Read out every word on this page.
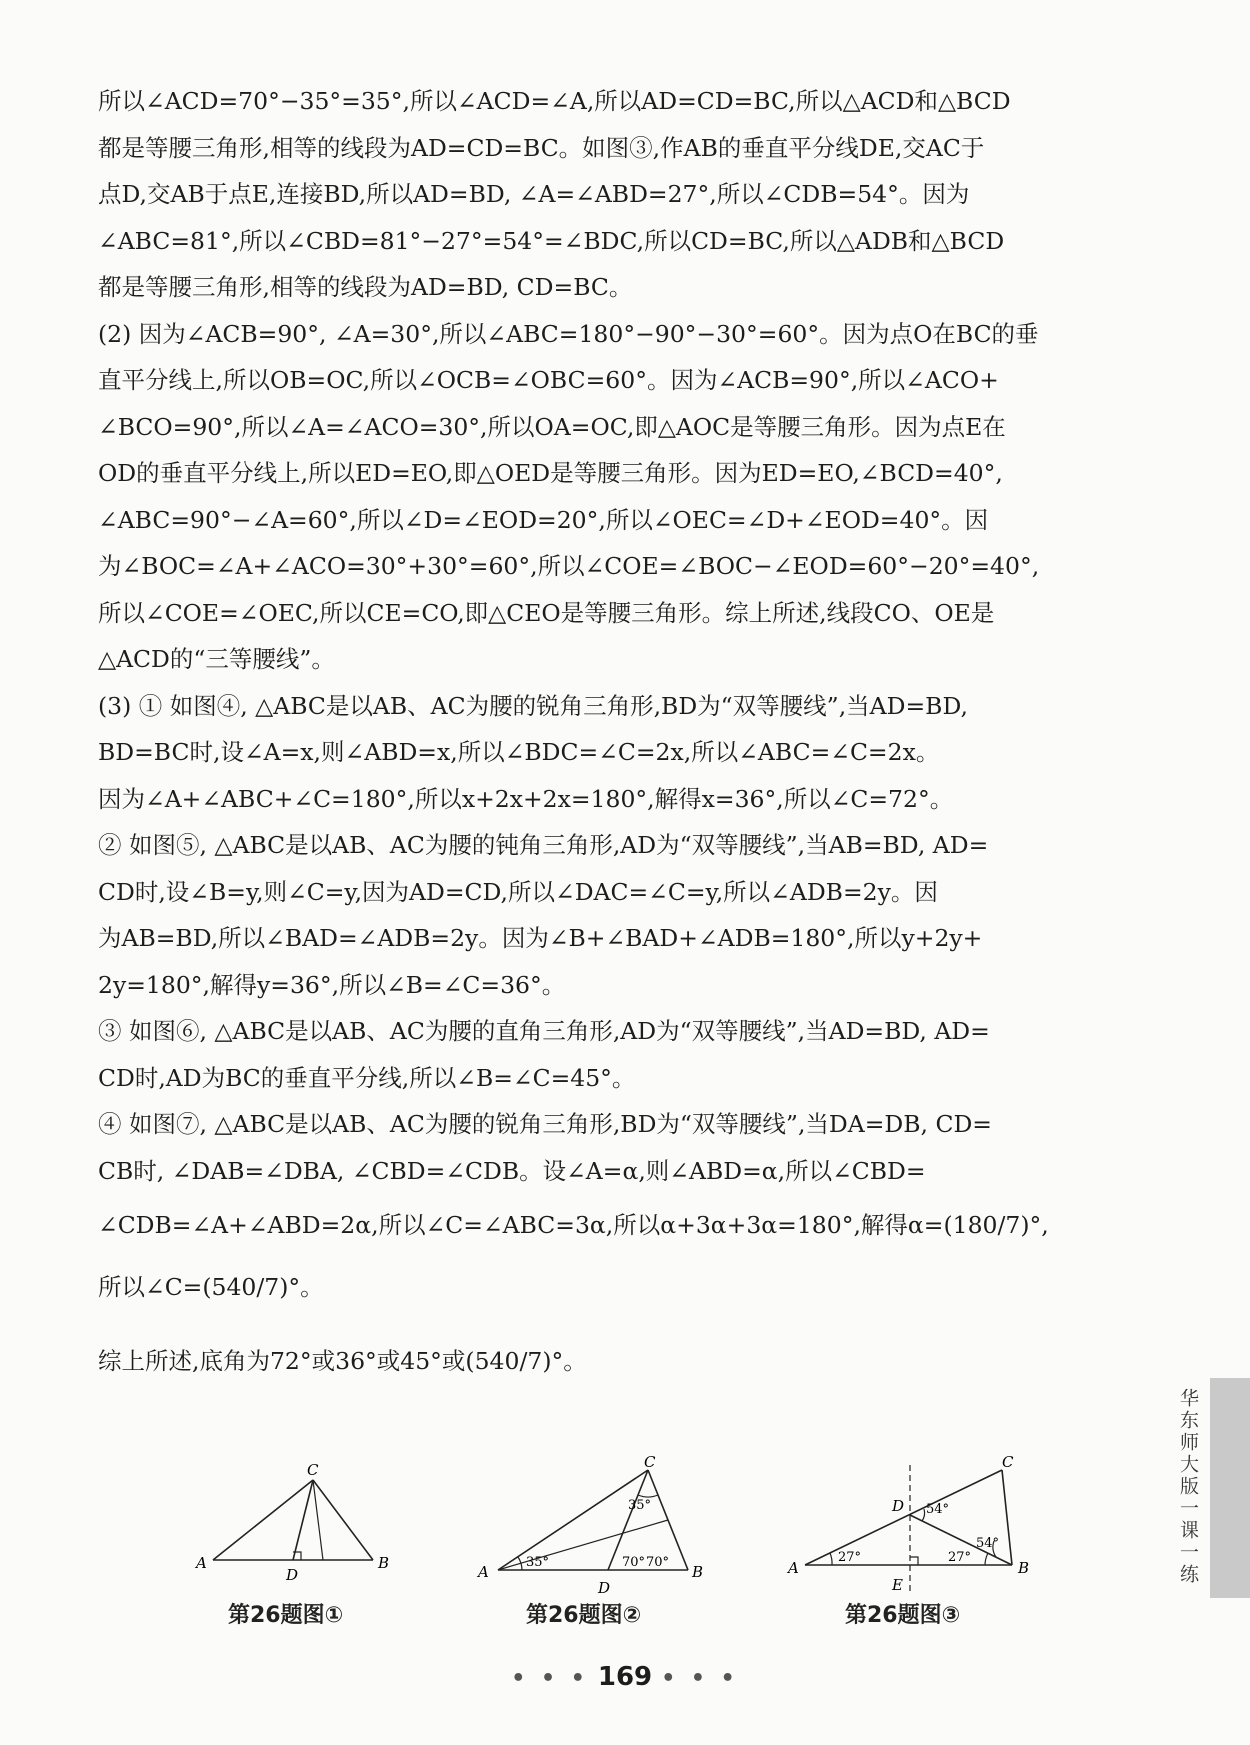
所以∠ACD=70°−35°=35°,所以∠ACD=∠A,所以AD=CD=BC,所以△ACD和△BCD
都是等腰三角形,相等的线段为AD=CD=BC。如图③,作AB的垂直平分线DE,交AC于
点D,交AB于点E,连接BD,所以AD=BD, ∠A=∠ABD=27°,所以∠CDB=54°。因为
∠ABC=81°,所以∠CBD=81°−27°=54°=∠BDC,所以CD=BC,所以△ADB和△BCD
都是等腰三角形,相等的线段为AD=BD, CD=BC。
(2) 因为∠ACB=90°, ∠A=30°,所以∠ABC=180°−90°−30°=60°。因为点O在BC的垂
直平分线上,所以OB=OC,所以∠OCB=∠OBC=60°。因为∠ACB=90°,所以∠ACO+
∠BCO=90°,所以∠A=∠ACO=30°,所以OA=OC,即△AOC是等腰三角形。因为点E在
OD的垂直平分线上,所以ED=EO,即△OED是等腰三角形。因为ED=EO,∠BCD=40°,
∠ABC=90°−∠A=60°,所以∠D=∠EOD=20°,所以∠OEC=∠D+∠EOD=40°。因
为∠BOC=∠A+∠ACO=30°+30°=60°,所以∠COE=∠BOC−∠EOD=60°−20°=40°,
所以∠COE=∠OEC,所以CE=CO,即△CEO是等腰三角形。综上所述,线段CO、OE是
△ACD的“三等腰线”。
(3) ① 如图④, △ABC是以AB、AC为腰的锐角三角形,BD为“双等腰线”,当AD=BD,
BD=BC时,设∠A=x,则∠ABD=x,所以∠BDC=∠C=2x,所以∠ABC=∠C=2x。
因为∠A+∠ABC+∠C=180°,所以x+2x+2x=180°,解得x=36°,所以∠C=72°。
② 如图⑤, △ABC是以AB、AC为腰的钝角三角形,AD为“双等腰线”,当AB=BD, AD=
CD时,设∠B=y,则∠C=y,因为AD=CD,所以∠DAC=∠C=y,所以∠ADB=2y。因
为AB=BD,所以∠BAD=∠ADB=2y。因为∠B+∠BAD+∠ADB=180°,所以y+2y+
2y=180°,解得y=36°,所以∠B=∠C=36°。
③ 如图⑥, △ABC是以AB、AC为腰的直角三角形,AD为“双等腰线”,当AD=BD, AD=
CD时,AD为BC的垂直平分线,所以∠B=∠C=45°。
④ 如图⑦, △ABC是以AB、AC为腰的锐角三角形,BD为“双等腰线”,当DA=DB, CD=
CB时, ∠DAB=∠DBA, ∠CBD=∠CDB。设∠A=α,则∠ABD=α,所以∠CBD=
∠CDB=∠A+∠ABD=2α,所以∠C=∠ABC=3α,所以α+3α+3α=180°,解得α=(180/7)°,
所以∠C=(540/7)°。
综上所述,底角为72°或36°或45°或(540/7)°。
华东师大版一课一练
A	B
C
D
第26题图①
A	B
C
D
35°
35°
70° 70°
第26题图②
A	B
C
D
E
27°	27°
54°
54°
第26题图③
• • • 169 • • •
